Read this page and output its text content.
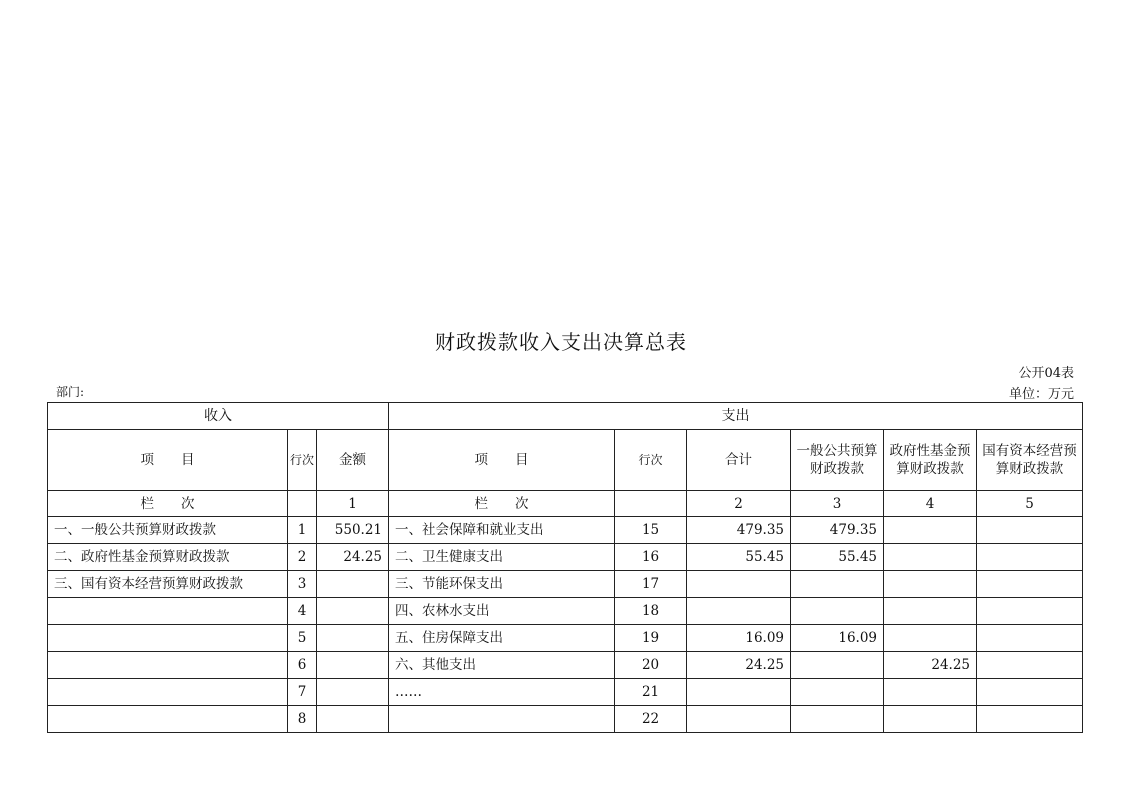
财政拨款收入支出决算总表
公开04表
部门:	单位：万元
收入			支出					
项　　目	行次	金额	项　　目	行次	合计	一般公共预算财政拨款	政府性基金预算财政拨款	国有资本经营预算财政拨款
栏　　次		1	栏　　次		2	3	4	5
一、一般公共预算财政拨款	1	550.21	一、社会保障和就业支出	15	479.35	479.35		
二、政府性基金预算财政拨款	2	24.25	二、卫生健康支出	16	55.45	55.45		
三、国有资本经营预算财政拨款	3		三、节能环保支出	17				
	4		四、农林水支出	18				
	5		五、住房保障支出	19	16.09	16.09		
	6		六、其他支出	20	24.25		24.25	
	7		……	21				
	8			22				
